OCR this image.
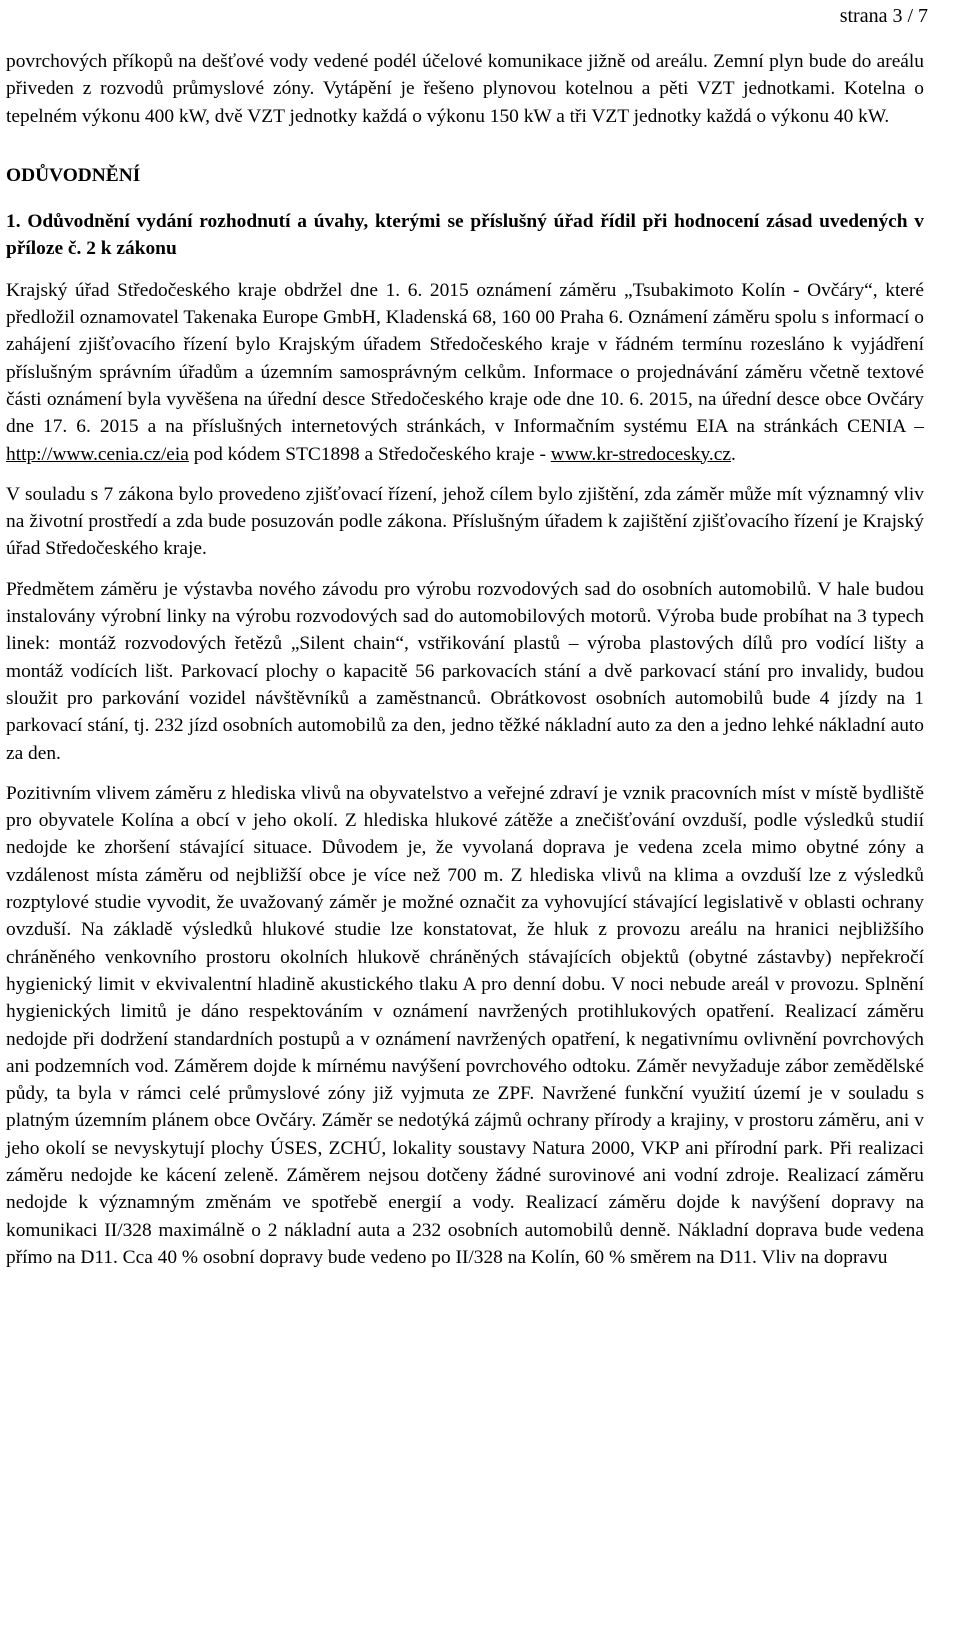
strana 3 / 7

povrchových příkopů na dešťové vody vedené podél účelové komunikace jižně od areálu. Zemní plyn bude do areálu přiveden z rozvodů průmyslové zóny. Vytápění je řešeno plynovou kotelnou a pěti VZT jednotkami. Kotelna o tepelném výkonu 400 kW, dvě VZT jednotky každá o výkonu 150 kW a tři VZT jednotky každá o výkonu 40 kW.

ODŮVODNĚNÍ

1. Odůvodnění vydání rozhodnutí a úvahy, kterými se příslušný úřad řídil při hodnocení zásad uvedených v příloze č. 2 k zákonu

Krajský úřad Středočeského kraje obdržel dne 1. 6. 2015 oznámení záměru „Tsubakimoto Kolín - Ovčáry“, které předložil oznamovatel Takenaka Europe GmbH, Kladenská 68, 160 00 Praha 6. Oznámení záměru spolu s informací o zahájení zjišťovacího řízení bylo Krajským úřadem Středočeského kraje v řádném termínu rozesláno k vyjádření příslušným správním úřadům a územním samosprávným celkům. Informace o projednávání záměru včetně textové části oznámení byla vyvěšena na úřední desce Středočeského kraje ode dne 10. 6. 2015, na úřední desce obce Ovčáry dne 17. 6. 2015 a na příslušných internetových stránkách, v Informačním systému EIA na stránkách CENIA – http://www.cenia.cz/eia pod kódem STC1898 a Středočeského kraje - www.kr-stredocesky.cz.

V souladu s 7 zákona bylo provedeno zjišťovací řízení, jehož cílem bylo zjištění, zda záměr může mít významný vliv na životní prostředí a zda bude posuzován podle zákona. Příslušným úřadem k zajištění zjišťovacího řízení je Krajský úřad Středočeského kraje.

Předmětem záměru je výstavba nového závodu pro výrobu rozvodových sad do osobních automobilů. V hale budou instalovány výrobní linky na výrobu rozvodových sad do automobilových motorů. Výroba bude probíhat na 3 typech linek: montáž rozvodových řetězů „Silent chain“, vstřikování plastů – výroba plastových dílů pro vodící lišty a montáž vodících lišt. Parkovací plochy o kapacitě 56 parkovacích stání a dvě parkovací stání pro invalidy, budou sloužit pro parkování vozidel návštěvníků a zaměstnanců. Obrátkovost osobních automobilů bude 4 jízdy na 1 parkovací stání, tj. 232 jízd osobních automobilů za den, jedno těžké nákladní auto za den a jedno lehké nákladní auto za den.

Pozitivním vlivem záměru z hlediska vlivů na obyvatelstvo a veřejné zdraví je vznik pracovních míst v místě bydliště pro obyvatele Kolína a obcí v jeho okolí. Z hlediska hlukové zátěže a znečišťování ovzduší, podle výsledků studií nedojde ke zhoršení stávající situace. Důvodem je, že vyvolaná doprava je vedena zcela mimo obytné zóny a vzdálenost místa záměru od nejbližší obce je více než 700 m. Z hlediska vlivů na klima a ovzduší lze z výsledků rozptylové studie vyvodit, že uvažovaný záměr je možné označit za vyhovující stávající legislativě v oblasti ochrany ovzduší. Na základě výsledků hlukové studie lze konstatovat, že hluk z provozu areálu na hranici nejbližšího chráněného venkovního prostoru okolních hlukově chráněných stávajících objektů (obytné zástavby) nepřekročí hygienický limit v ekvivalentní hladině akustického tlaku A pro denní dobu. V noci nebude areál v provozu. Splnění hygienických limitů je dáno respektováním v oznámení navržených protihlukových opatření. Realizací záměru nedojde při dodržení standardních postupů a v oznámení navržených opatření, k negativnímu ovlivnění povrchových ani podzemních vod. Záměrem dojde k mírnému navýšení povrchového odtoku. Záměr nevyžaduje zábor zemědělské půdy, ta byla v rámci celé průmyslové zóny již vyjmuta ze ZPF. Navržené funkční využití území je v souladu s platným územním plánem obce Ovčáry. Záměr se nedotýká zájmů ochrany přírody a krajiny, v prostoru záměru, ani v jeho okolí se nevyskytují plochy ÚSES, ZCHÚ, lokality soustavy Natura 2000, VKP ani přírodní park. Při realizaci záměru nedojde ke kácení zeleně. Záměrem nejsou dotčeny žádné surovinové ani vodní zdroje. Realizací záměru nedojde k významným změnám ve spotřebě energií a vody. Realizací záměru dojde k navýšení dopravy na komunikaci II/328 maximálně o 2 nákladní auta a 232 osobních automobilů denně. Nákladní doprava bude vedena přímo na D11. Cca 40 % osobní dopravy bude vedeno po II/328 na Kolín, 60 % směrem na D11. Vliv na dopravu
